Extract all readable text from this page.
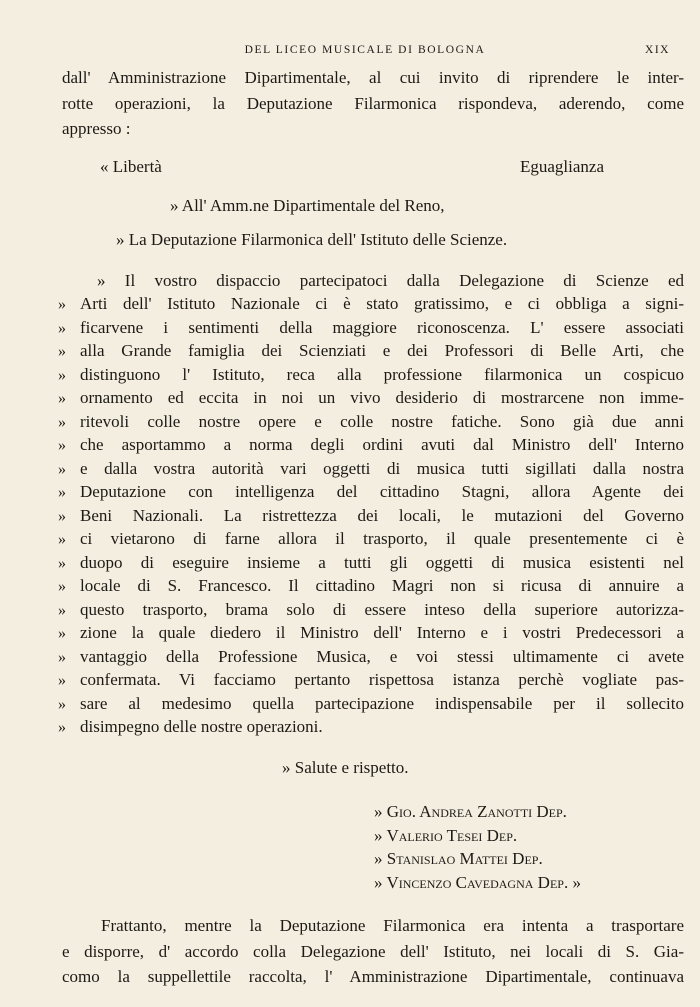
DEL LICEO MUSICALE DI BOLOGNA	XIX
dall' Amministrazione Dipartimentale, al cui invito di riprendere le inter-
rotte operazioni, la Deputazione Filarmonica rispondeva, aderendo, come
appresso :
« Libertà	Eguaglianza
» All' Amm.ne Dipartimentale del Reno,
» La Deputazione Filarmonica dell' Istituto delle Scienze.
» Il vostro dispaccio partecipatoci dalla Delegazione di Scienze ed
» Arti dell' Istituto Nazionale ci è stato gratissimo, e ci obbliga a signi-
» ficarvene i sentimenti della maggiore riconoscenza. L' essere associati
» alla Grande famiglia dei Scienziati e dei Professori di Belle Arti, che
» distinguono l' Istituto, reca alla professione filarmonica un cospicuo
» ornamento ed eccita in noi un vivo desiderio di mostrarcene non imme-
» ritevoli colle nostre opere e colle nostre fatiche. Sono già due anni
» che asportammo a norma degli ordini avuti dal Ministro dell' Interno
» e dalla vostra autorità vari oggetti di musica tutti sigillati dalla nostra
» Deputazione con intelligenza del cittadino Stagni, allora Agente dei
» Beni Nazionali. La ristrettezza dei locali, le mutazioni del Governo
» ci vietarono di farne allora il trasporto, il quale presentemente ci è
» duopo di eseguire insieme a tutti gli oggetti di musica esistenti nel
» locale di S. Francesco. Il cittadino Magri non si ricusa di annuire a
» questo trasporto, brama solo di essere inteso della superiore autorizza-
» zione la quale diedero il Ministro dell' Interno e i vostri Predecessori a
» vantaggio della Professione Musica, e voi stessi ultimamente ci avete
» confermata. Vi facciamo pertanto rispettosa istanza perchè vogliate pas-
» sare al medesimo quella partecipazione indispensabile per il sollecito
» disimpegno delle nostre operazioni.
» Salute e rispetto.
» Gio. Andrea Zanotti Dep.
» Valerio Tesei Dep.
» Stanislao Mattei Dep.
» Vincenzo Cavedagna Dep. »
Frattanto, mentre la Deputazione Filarmonica era intenta a trasportare
e disporre, d' accordo colla Delegazione dell' Istituto, nei locali di S. Gia-
como la suppellettile raccolta, l' Amministrazione Dipartimentale, continuava
